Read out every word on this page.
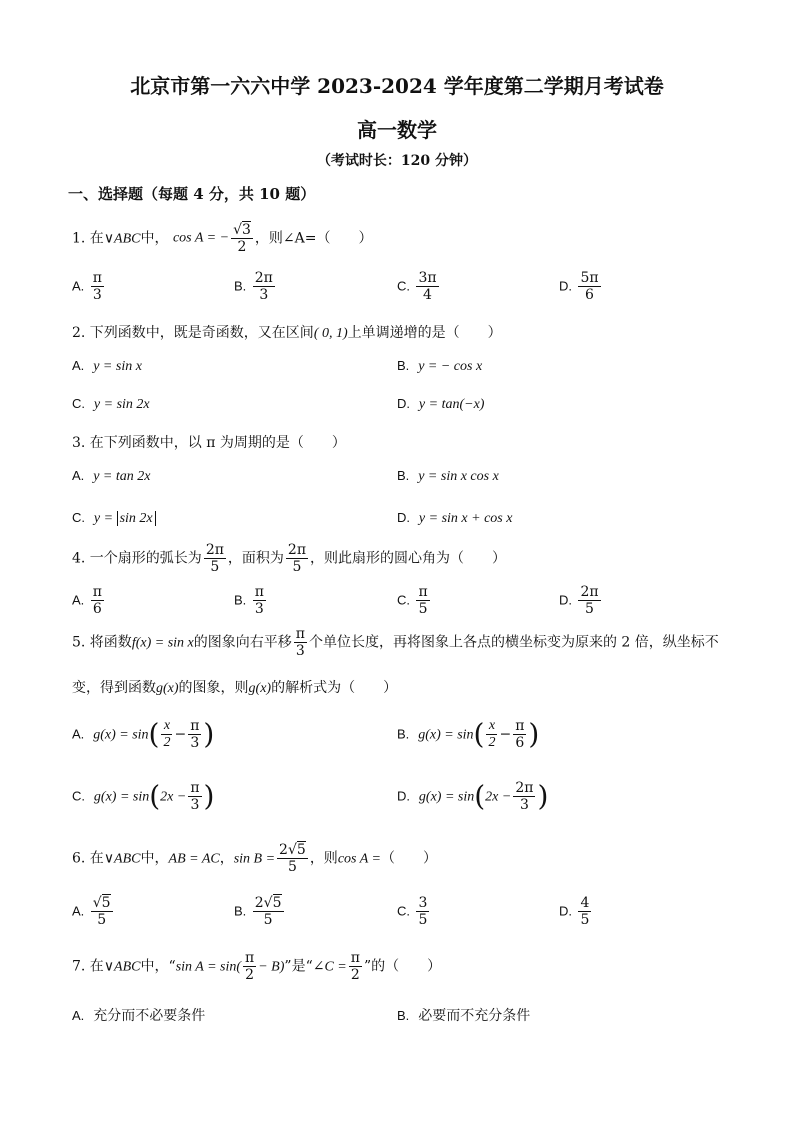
北京市第一六六中学 2023-2024 学年度第二学期月考试卷
高一数学
（考试时长：120 分钟）
一、选择题（每题 4 分，共 10 题）
1. 在∨ABC中， cos A = − $\frac{√3}{2}$ ，则∠A=（　　）
A. $\frac{\pi}{3}$	B. $\frac{2\pi}{3}$	C. $\frac{3\pi}{4}$	D. $\frac{5\pi}{6}$
2. 下列函数中，既是奇函数，又在区间( 0, 1)上单调递增的是（　　）
A. y = sin x	B. y = − cos x
C. y = sin 2x	D. y = tan(−x)
3. 在下列函数中，以 π 为周期的是（　　）
A. y = tan 2x	B. y = sin x cos x
C. y = sin 2x	D. y = sin x + cos x
4. 一个扇形的弧长为 $\frac{2\pi}{5}$ ，面积为 $\frac{2\pi}{5}$ ，则此扇形的圆心角为（　　）
A. $\frac{\pi}{6}$	B. $\frac{\pi}{3}$	C. $\frac{\pi}{5}$	D. $\frac{2\pi}{5}$
5. 将函数f(x) = sin x的图象向右平移 $\frac{\pi}{3}$ 个单位长度，再将图象上各点的横坐标变为原来的 2 倍，纵坐标不
变，得到函数g(x)的图象，则g(x)的解析式为（　　）
A. $g(x) = \sin( \frac{x}{2} - \frac{\pi}{3}$ )	B. $g(x) = \sin( \frac{x}{2} - \frac{\pi}{6}$ )
C. $g(x) = \sin(2x - \frac{\pi}{3}$ )	D. $g(x) = \sin(2x - \frac{2\pi}{3}$ )
6. 在∨ABC中，AB = AC，$\sin B = \frac{2√5}{5}$ ，则cos A =（　　）
A. $\frac{√5}{5}$	B. $\frac{2√5}{5}$	C. $\frac{3}{5}$	D. $\frac{4}{5}$
7. 在∨ABC中，“sin $A = \sin( \frac{\pi}{2} - B)$”是“∠C = $\frac{\pi}{2}$ ”的（　　）
A. 充分而不必要条件	B. 必要而不充分条件
